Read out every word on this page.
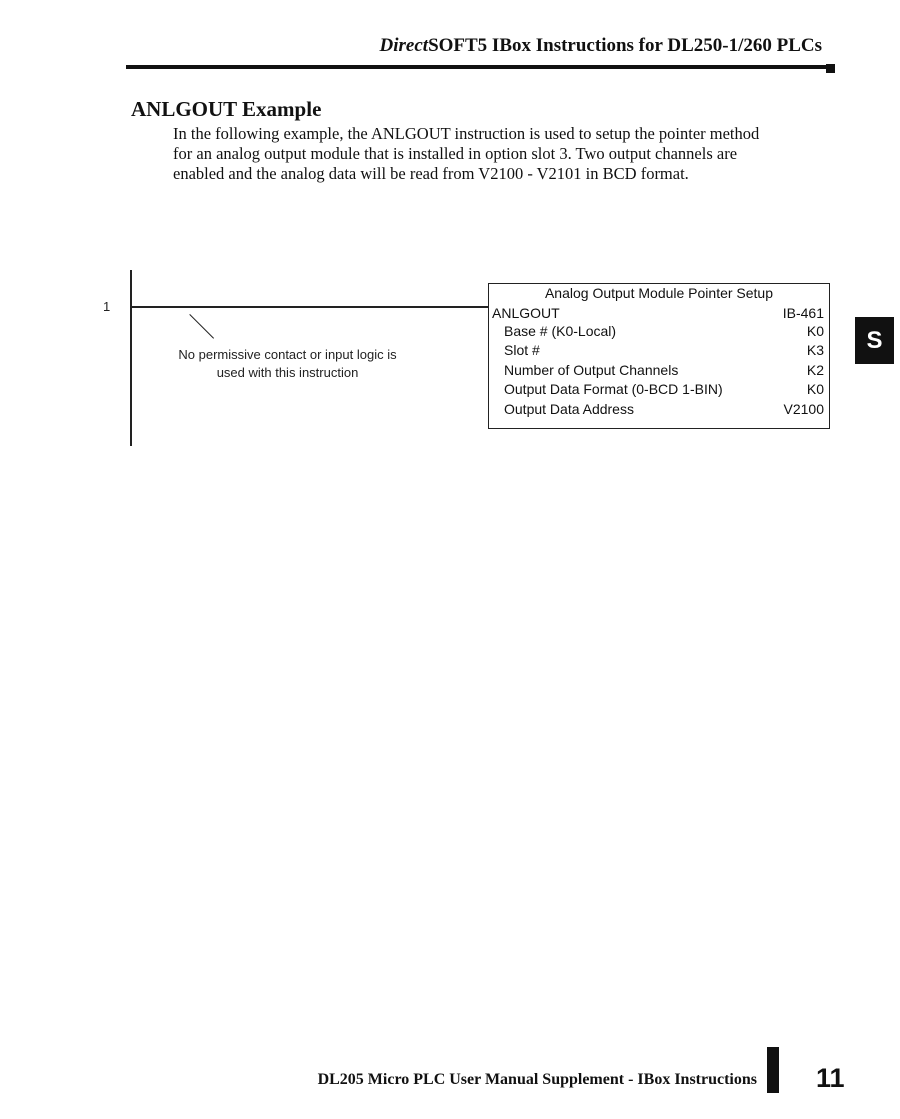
DirectSOFT5 IBox Instructions for DL250-1/260 PLCs
ANLGOUT Example
In the following example, the ANLGOUT instruction is used to setup the pointer method
for an analog output module that is installed in option slot 3. Two output channels are
enabled and the analog data will be read from V2100 - V2101 in BCD format.
1
No permissive contact or input logic is
used with this instruction
Analog Output Module Pointer Setup
ANLGOUT	IB-461
Base # (K0-Local)	K0
Slot #	K3
Number of Output Channels	K2
Output Data Format (0-BCD 1-BIN)	K0
Output Data Address	V2100
S
DL205 Micro PLC User Manual Supplement - IBox Instructions 11
